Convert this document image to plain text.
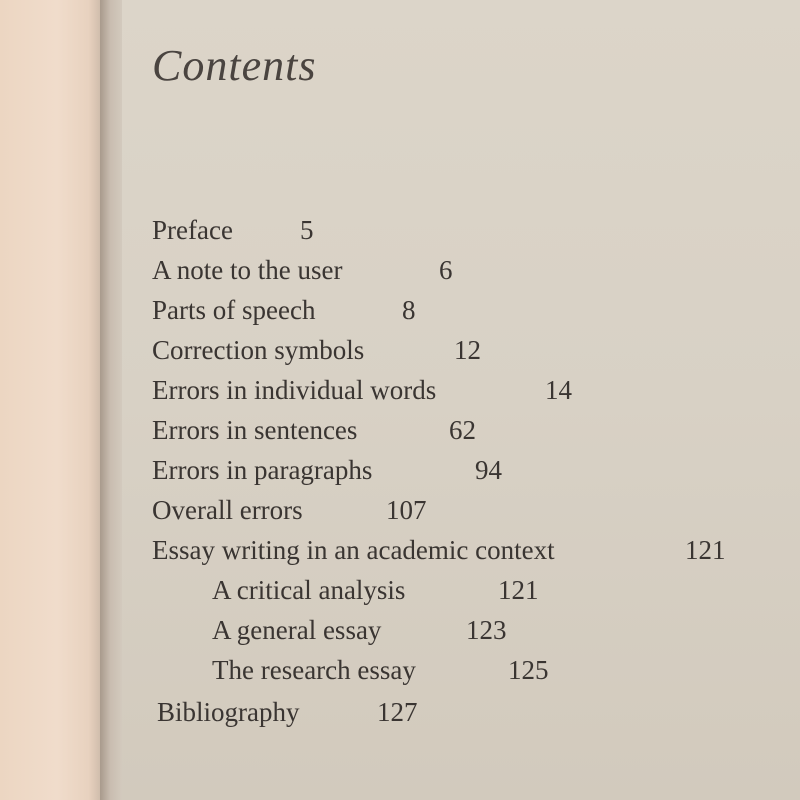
Contents
Preface 5
A note to the user	6
Parts of speech	8
Correction symbols	12
Errors in individual words	14
Errors in sentences	62
Errors in paragraphs	94
Overall errors	107
Essay writing in an academic context	121
A critical analysis	121
A general essay	123
The research essay	125
Bibliography	127
